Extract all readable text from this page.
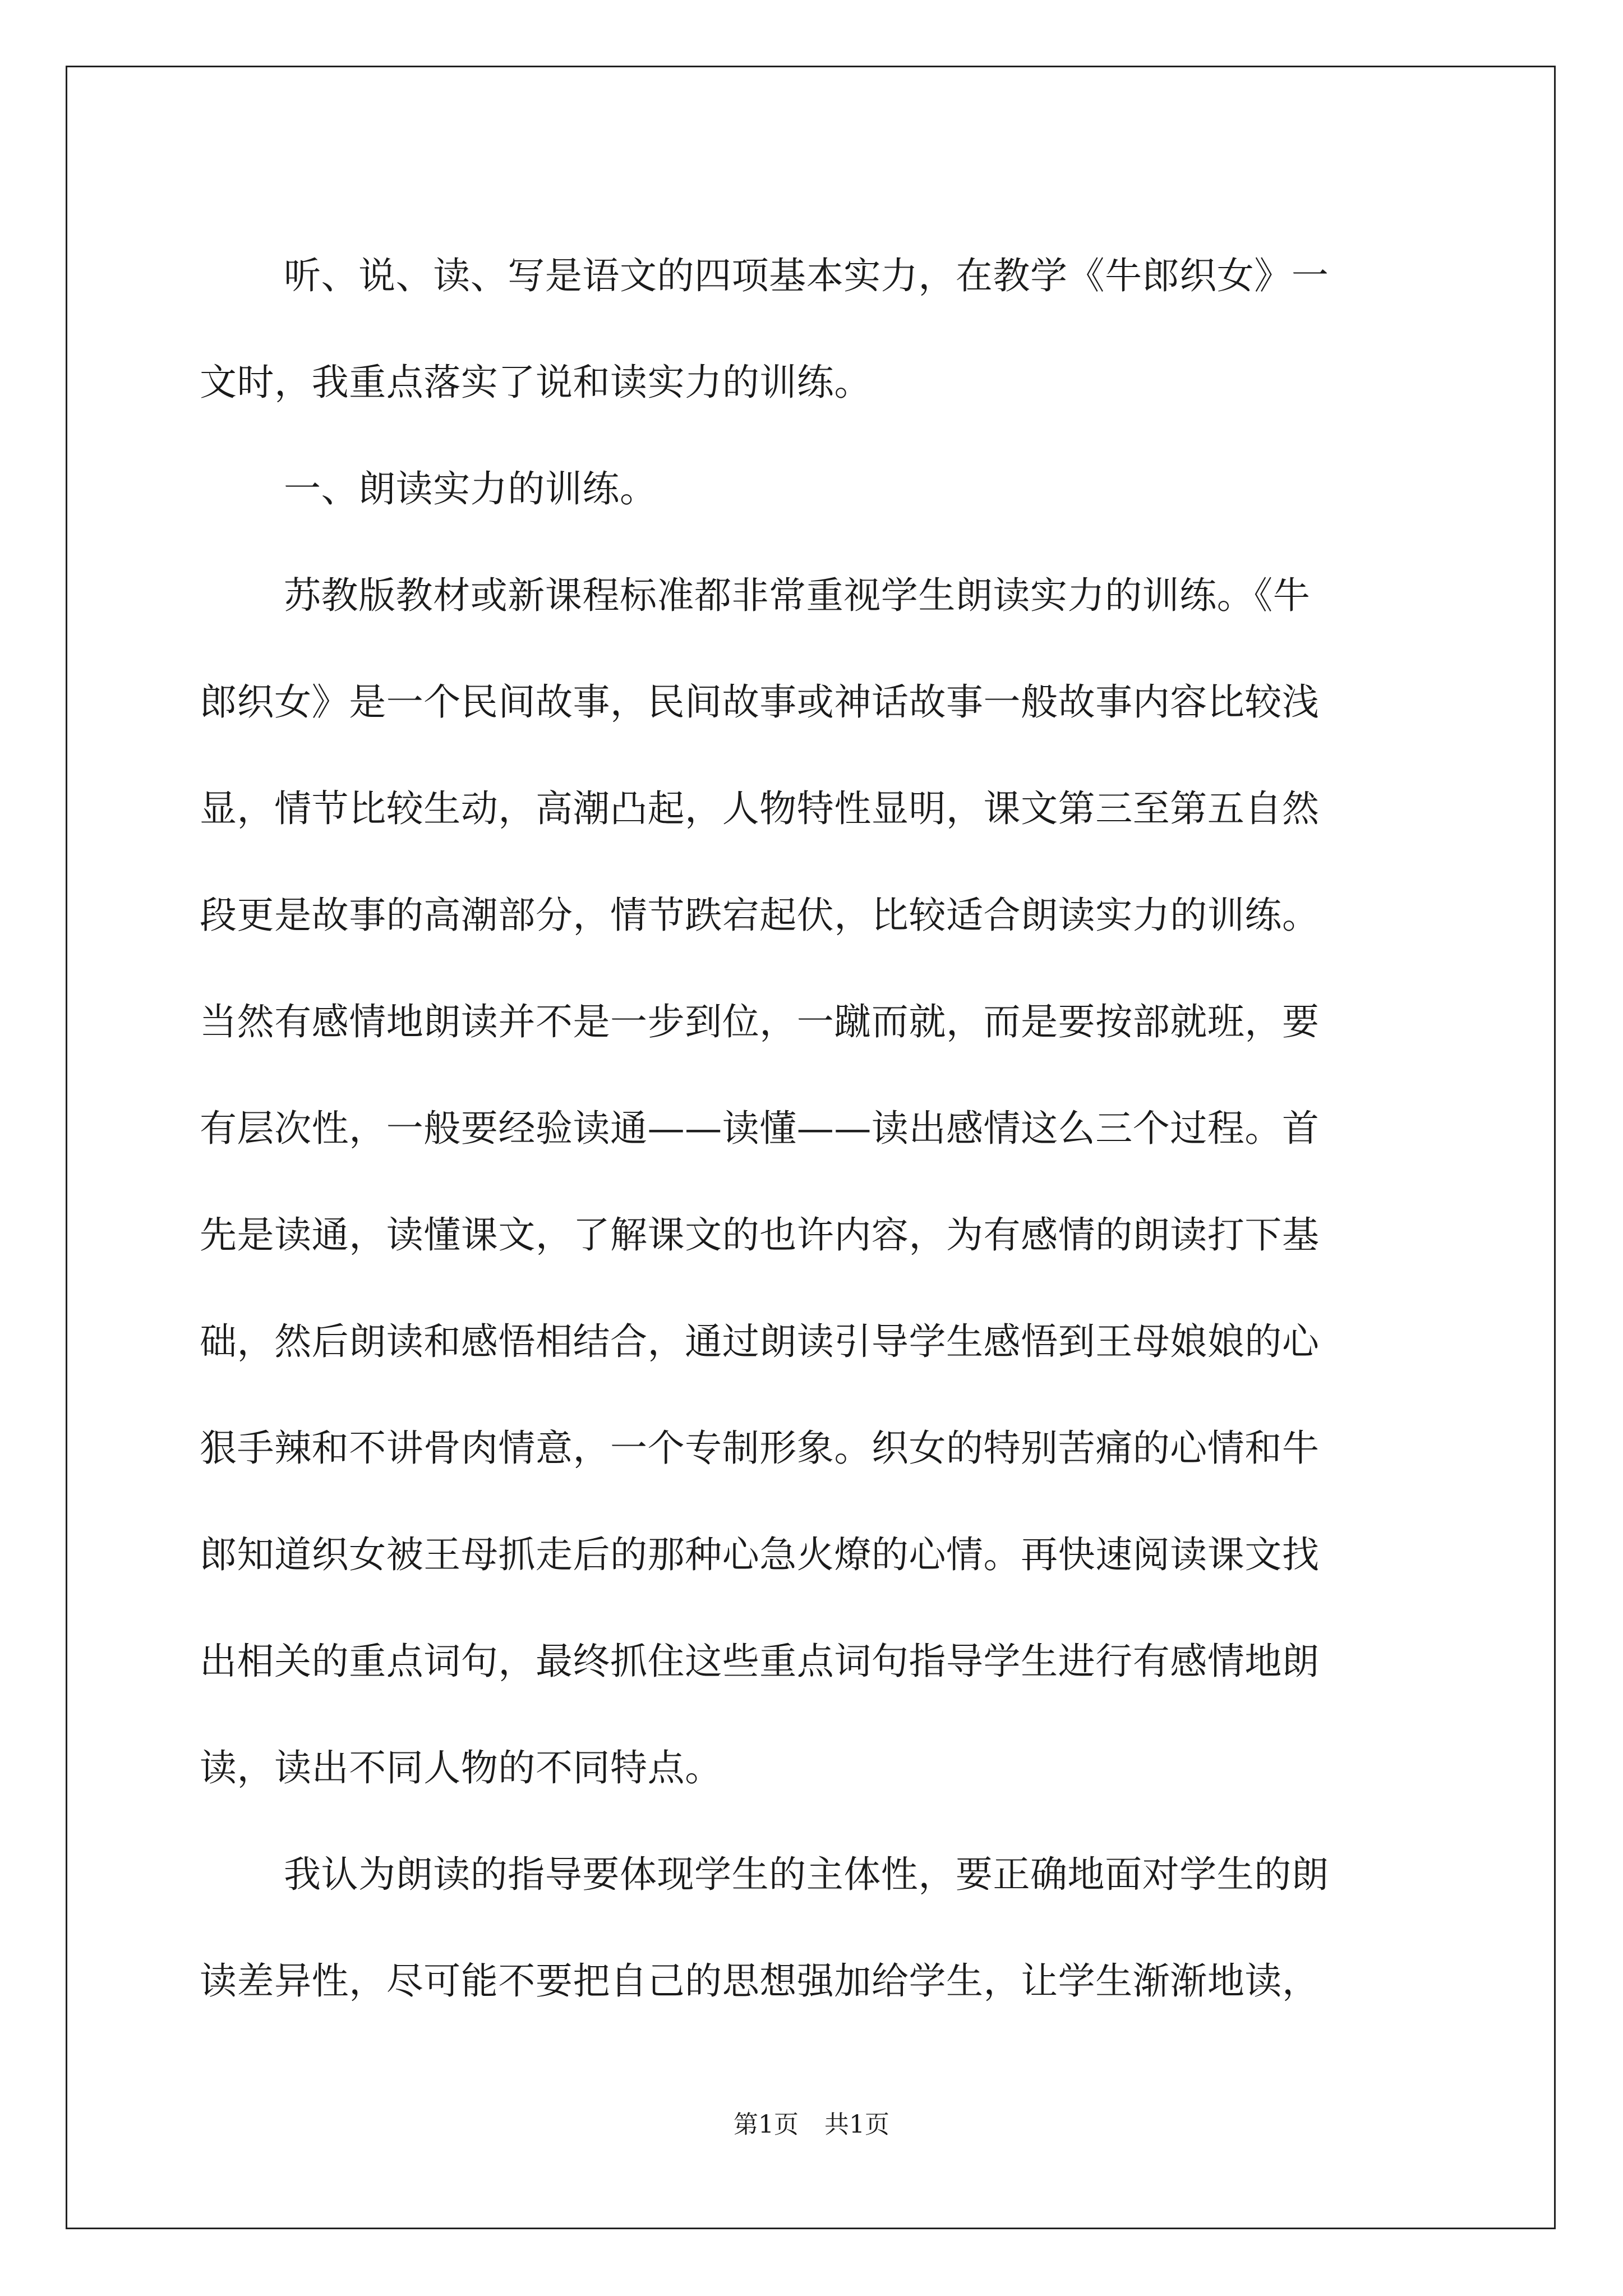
听、说、读、写是语文的四项基本实力，在教学《牛郎织女》一
文时，我重点落实了说和读实力的训练。
一、朗读实力的训练。
苏教版教材或新课程标准都非常重视学生朗读实力的训练。《牛
郎织女》是一个民间故事，民间故事或神话故事一般故事内容比较浅
显，情节比较生动，高潮凸起，人物特性显明，课文第三至第五自然
段更是故事的高潮部分，情节跌宕起伏，比较适合朗读实力的训练。
当然有感情地朗读并不是一步到位，一蹴而就，而是要按部就班，要
有层次性，一般要经验读通——读懂——读出感情这么三个过程。首
先是读通，读懂课文，了解课文的也许内容，为有感情的朗读打下基
础，然后朗读和感悟相结合，通过朗读引导学生感悟到王母娘娘的心
狠手辣和不讲骨肉情意，一个专制形象。织女的特别苦痛的心情和牛
郎知道织女被王母抓走后的那种心急火燎的心情。再快速阅读课文找
出相关的重点词句，最终抓住这些重点词句指导学生进行有感情地朗
读，读出不同人物的不同特点。
我认为朗读的指导要体现学生的主体性，要正确地面对学生的朗
读差异性，尽可能不要把自己的思想强加给学生，让学生渐渐地读，
第1页 共1页
